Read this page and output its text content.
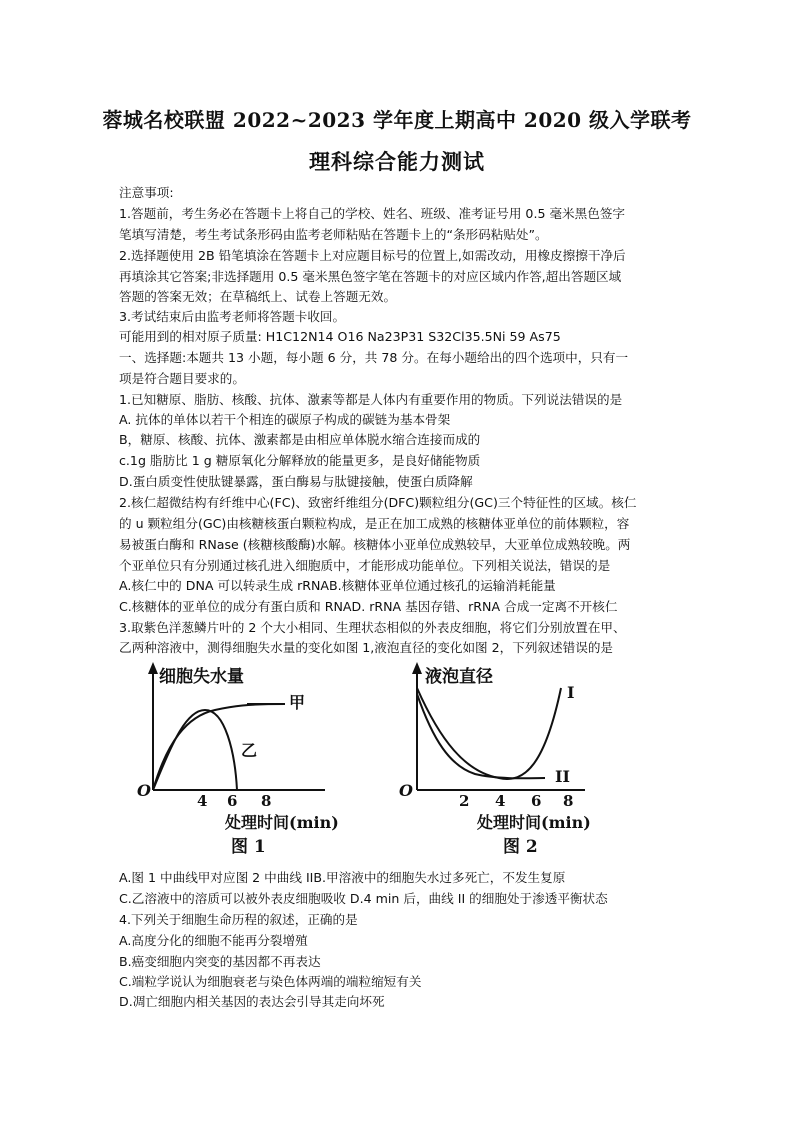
蓉城名校联盟 2022~2023 学年度上期高中 2020 级入学联考
理科综合能力测试
注意事项:
1.答题前，考生务必在答题卡上将自己的学校、姓名、班级、准考证号用 0.5 毫米黑色签字
笔填写清楚，考生考试条形码由监考老师粘贴在答题卡上的“条形码粘贴处”。
2.选择题使用 2B 铅笔填涂在答题卡上对应题目标号的位置上,如需改动，用橡皮擦擦干净后
再填涂其它答案;非选择题用 0.5 毫米黑色签字笔在答题卡的对应区域内作答,超出答题区域
答题的答案无效；在草稿纸上、试卷上答题无效。
3.考试结束后由监考老师将答题卡收回。
可能用到的相对原子质量: H1C12N14 O16 Na23P31 S32Cl35.5Ni 59 As75
一、选择题:本题共 13 小题，每小题 6 分，共 78 分。在每小题给出的四个选项中，只有一
项是符合题目要求的。
1.已知糖原、脂肪、核酸、抗体、激素等都是人体内有重要作用的物质。下列说法错误的是
A. 抗体的单体以若干个相连的碳原子构成的碳链为基本骨架
B，糖原、核酸、抗体、激素都是由相应单体脱水缩合连接而成的
c.1g 脂肪比 1 g 糖原氧化分解释放的能量更多，是良好储能物质
D.蛋白质变性使肽键暴露，蛋白酶易与肽键接触，使蛋白质降解
2.核仁超微结构有纤维中心(FC)、致密纤维组分(DFC)颗粒组分(GC)三个特征性的区域。核仁
的 u 颗粒组分(GC)由核糖核蛋白颗粒构成，是正在加工成熟的核糖体亚单位的前体颗粒，容
易被蛋白酶和 RNase (核糖核酸酶)水解。核糖体小亚单位成熟较早，大亚单位成熟较晚。两
个亚单位只有分别通过核孔进入细胞质中，才能形成功能单位。下列相关说法，错误的是
A.核仁中的 DNA 可以转录生成 rRNAB.核糖体亚单位通过核孔的运输消耗能量
C.核糖体的亚单位的成分有蛋白质和 RNAD. rRNA 基因存错、rRNA 合成一定离不开核仁
3.取紫色洋葱鳞片叶的 2 个大小相同、生理状态相似的外表皮细胞，将它们分别放置在甲、
乙两种溶液中，测得细胞失水量的变化如图 1,液泡直径的变化如图 2，下列叙述错误的是
细胞失水量
O
4 6 8
处理时间(min)
图 1
甲
乙
液泡直径
O
2 4 6 8
处理时间(min)
图 2
I
II
A.图 1 中曲线甲对应图 2 中曲线 IIB.甲溶液中的细胞失水过多死亡，不发生复原
C.乙溶液中的溶质可以被外表皮细胞吸收 D.4 min 后，曲线 II 的细胞处于渗透平衡状态
4.下列关于细胞生命历程的叙述，正确的是
A.高度分化的细胞不能再分裂增殖
B.癌变细胞内突变的基因都不再表达
C.端粒学说认为细胞衰老与染色体两端的端粒缩短有关
D.凋亡细胞内相关基因的表达会引导其走向坏死
